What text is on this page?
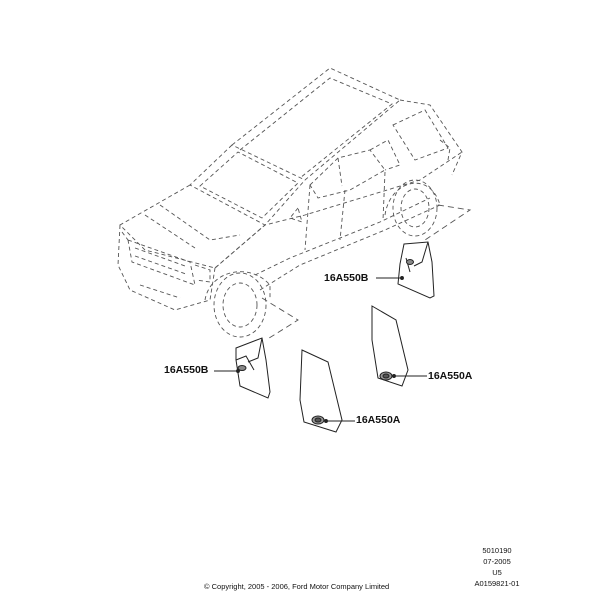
16A550B
16A550B
16A550A
16A550A
5010190
07-2005
U5
A0159821-01
© Copyright, 2005 - 2006, Ford Motor Company Limited
